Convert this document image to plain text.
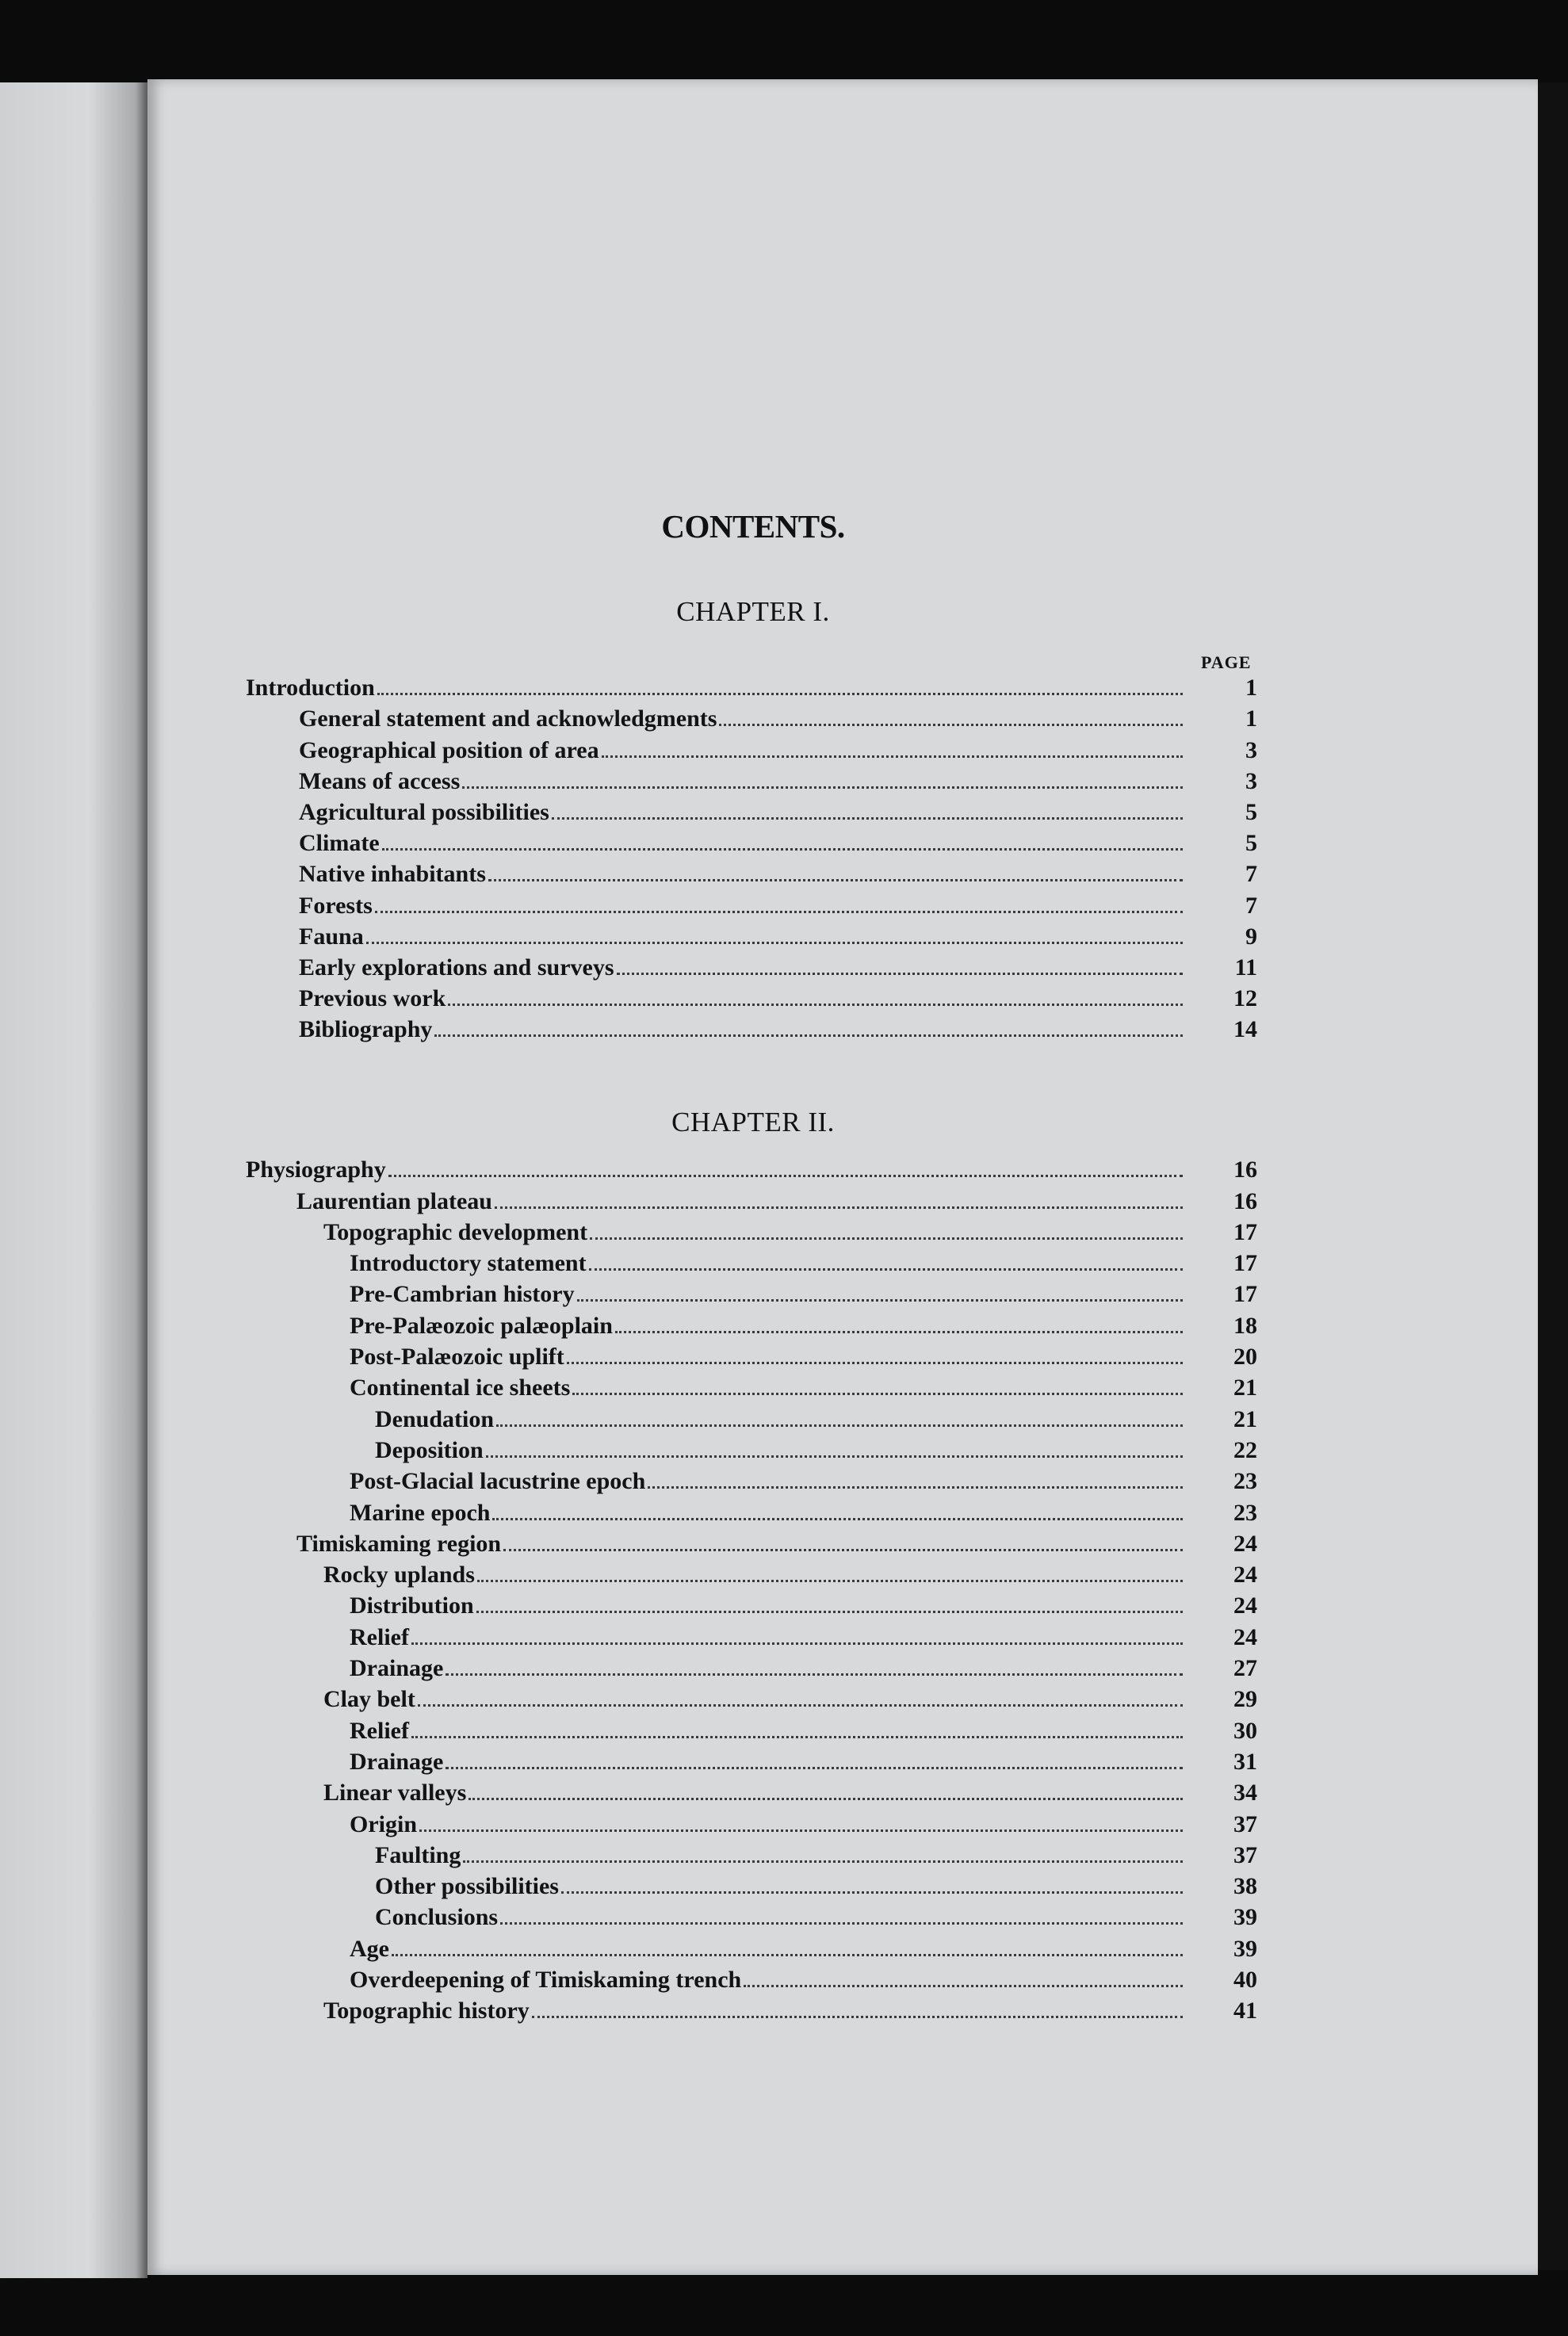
CONTENTS.
CHAPTER I.
PAGE
Introduction	1
General statement and acknowledgments	1
Geographical position of area	3
Means of access	3
Agricultural possibilities	5
Climate	5
Native inhabitants	7
Forests	7
Fauna	9
Early explorations and surveys	11
Previous work	12
Bibliography	14
CHAPTER II.
Physiography	16
Laurentian plateau	16
Topographic development	17
Introductory statement	17
Pre-Cambrian history	17
Pre-Palæozoic palæoplain	18
Post-Palæozoic uplift	20
Continental ice sheets	21
Denudation	21
Deposition	22
Post-Glacial lacustrine epoch	23
Marine epoch	23
Timiskaming region	24
Rocky uplands	24
Distribution	24
Relief	24
Drainage	27
Clay belt	29
Relief	30
Drainage	31
Linear valleys	34
Origin	37
Faulting	37
Other possibilities	38
Conclusions	39
Age	39
Overdeepening of Timiskaming trench	40
Topographic history	41
